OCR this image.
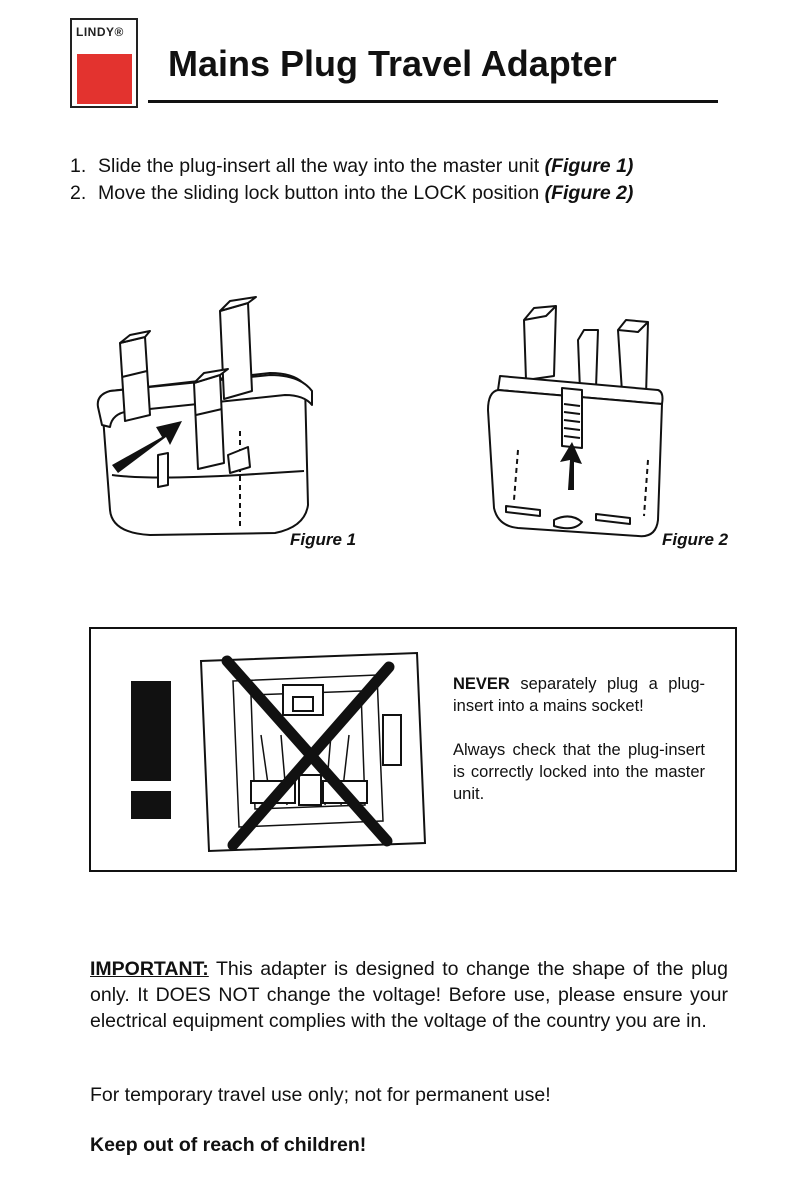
LINDY®
Mains Plug Travel Adapter
1. Slide the plug-insert all the way into the master unit (Figure 1)
2. Move the sliding lock button into the LOCK position (Figure 2)
Figure 1	Figure 2

NEVER separately plug a plug-insert into a mains socket!

Always check that the plug-insert is correctly locked into the master unit.

IMPORTANT: This adapter is designed to change the shape of the plug only. It DOES NOT change the voltage! Before use, please ensure your electrical equipment complies with the voltage of the country you are in.

For temporary travel use only; not for permanent use!

Keep out of reach of children!
